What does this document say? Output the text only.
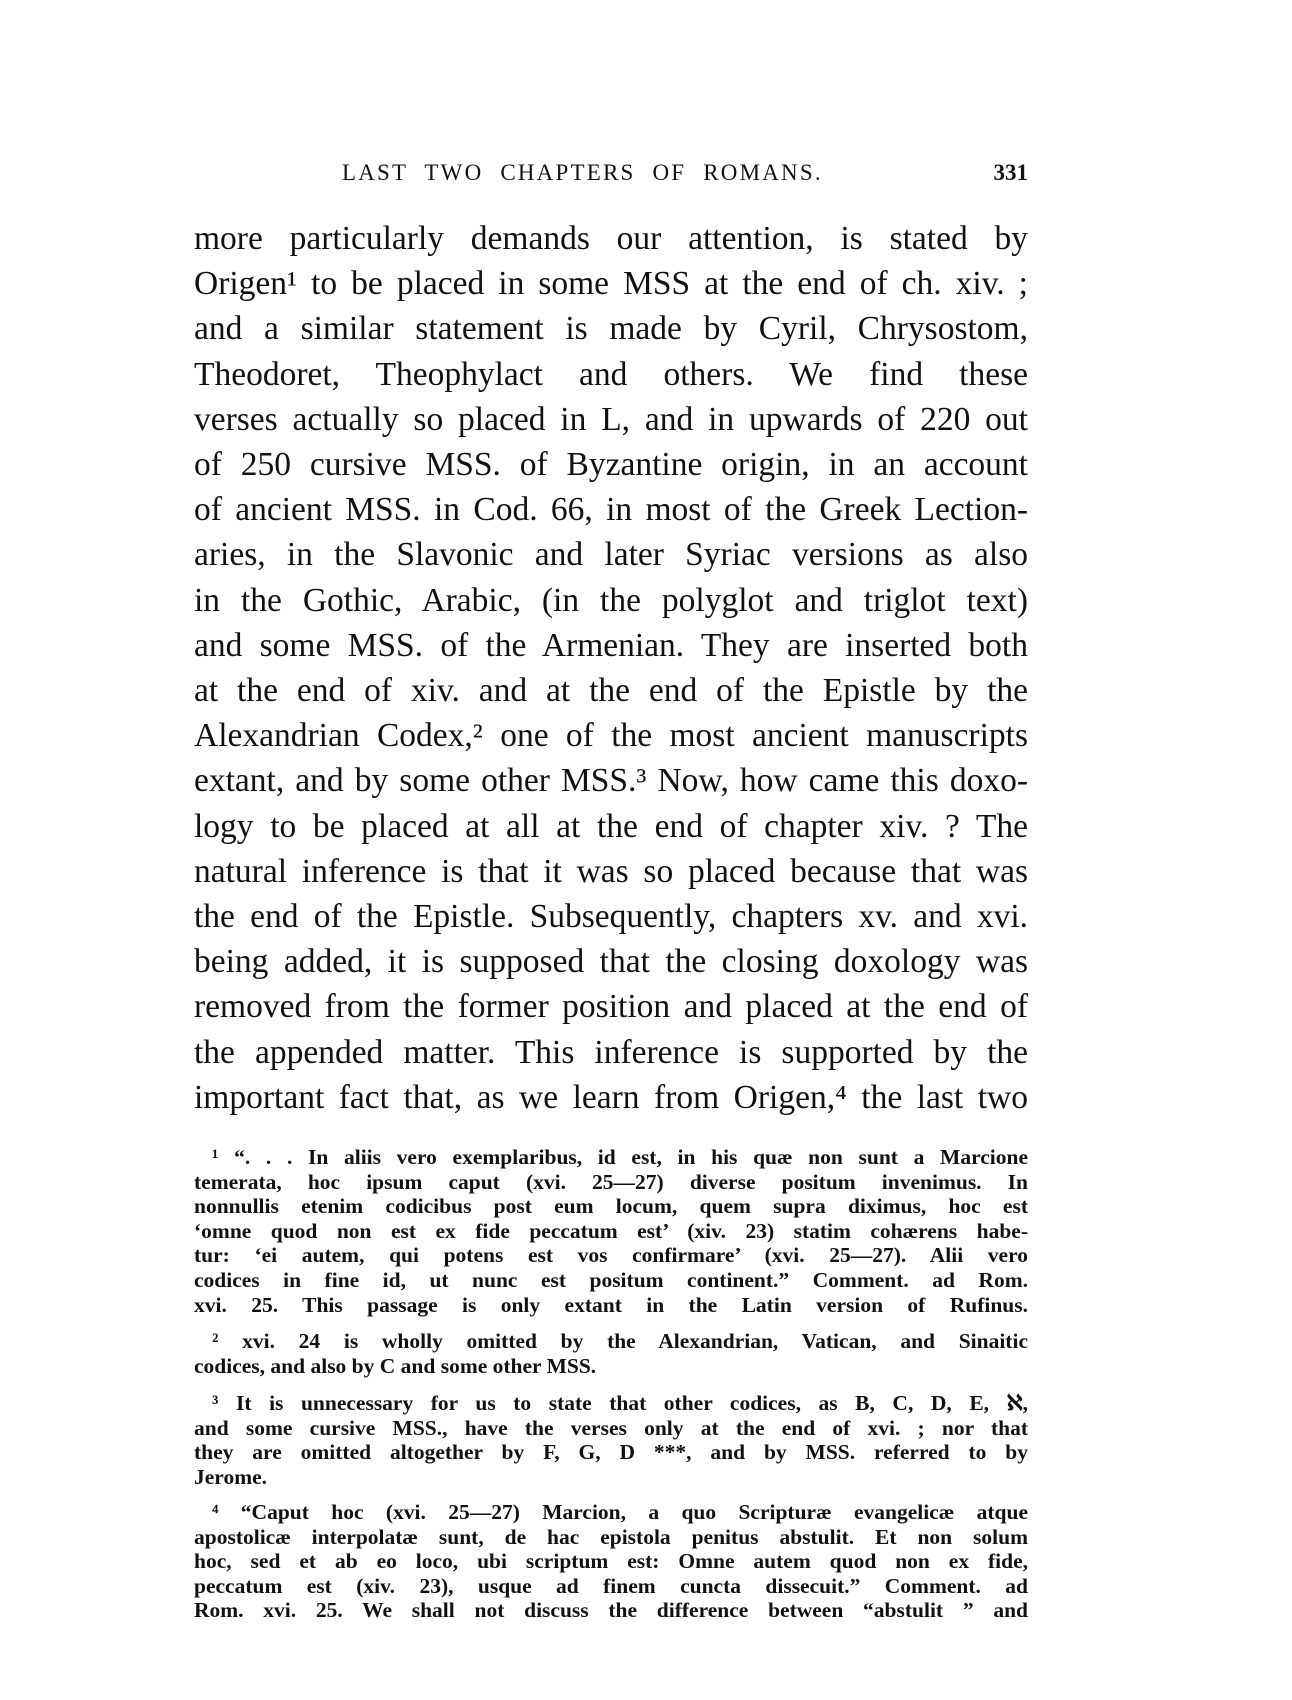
LAST TWO CHAPTERS OF ROMANS.	331
more particularly demands our attention, is stated by
Origen¹ to be placed in some MSS at the end of ch. xiv. ;
and a similar statement is made by Cyril, Chrysostom,
Theodoret, Theophylact and others. We find these
verses actually so placed in L, and in upwards of 220 out
of 250 cursive MSS. of Byzantine origin, in an account
of ancient MSS. in Cod. 66, in most of the Greek Lection-
aries, in the Slavonic and later Syriac versions as also
in the Gothic, Arabic, (in the polyglot and triglot text)
and some MSS. of the Armenian. They are inserted both
at the end of xiv. and at the end of the Epistle by the
Alexandrian Codex,² one of the most ancient manuscripts
extant, and by some other MSS.³ Now, how came this doxo-
logy to be placed at all at the end of chapter xiv. ? The
natural inference is that it was so placed because that was
the end of the Epistle. Subsequently, chapters xv. and xvi.
being added, it is supposed that the closing doxology was
removed from the former position and placed at the end of
the appended matter. This inference is supported by the
important fact that, as we learn from Origen,⁴ the last two
¹ “. . . In aliis vero exemplaribus, id est, in his quæ non sunt a Marcione
temerata, hoc ipsum caput (xvi. 25—27) diverse positum invenimus. In
nonnullis etenim codicibus post eum locum, quem supra diximus, hoc est
‘omne quod non est ex fide peccatum est’ (xiv. 23) statim cohærens habe-
tur: ‘ei autem, qui potens est vos confirmare’ (xvi. 25—27). Alii vero
codices in fine id, ut nunc est positum continent.” Comment. ad Rom.
xvi. 25. This passage is only extant in the Latin version of Rufinus.
² xvi. 24 is wholly omitted by the Alexandrian, Vatican, and Sinaitic
codices, and also by C and some other MSS.
³ It is unnecessary for us to state that other codices, as B, C, D, E, ℵ,
and some cursive MSS., have the verses only at the end of xvi. ; nor that
they are omitted altogether by F, G, D ***, and by MSS. referred to by
Jerome.
⁴ “Caput hoc (xvi. 25—27) Marcion, a quo Scripturæ evangelicæ atque
apostolicæ interpolatæ sunt, de hac epistola penitus abstulit. Et non solum
hoc, sed et ab eo loco, ubi scriptum est: Omne autem quod non ex fide,
peccatum est (xiv. 23), usque ad finem cuncta dissecuit.” Comment. ad
Rom. xvi. 25. We shall not discuss the difference between “abstulit ” and
